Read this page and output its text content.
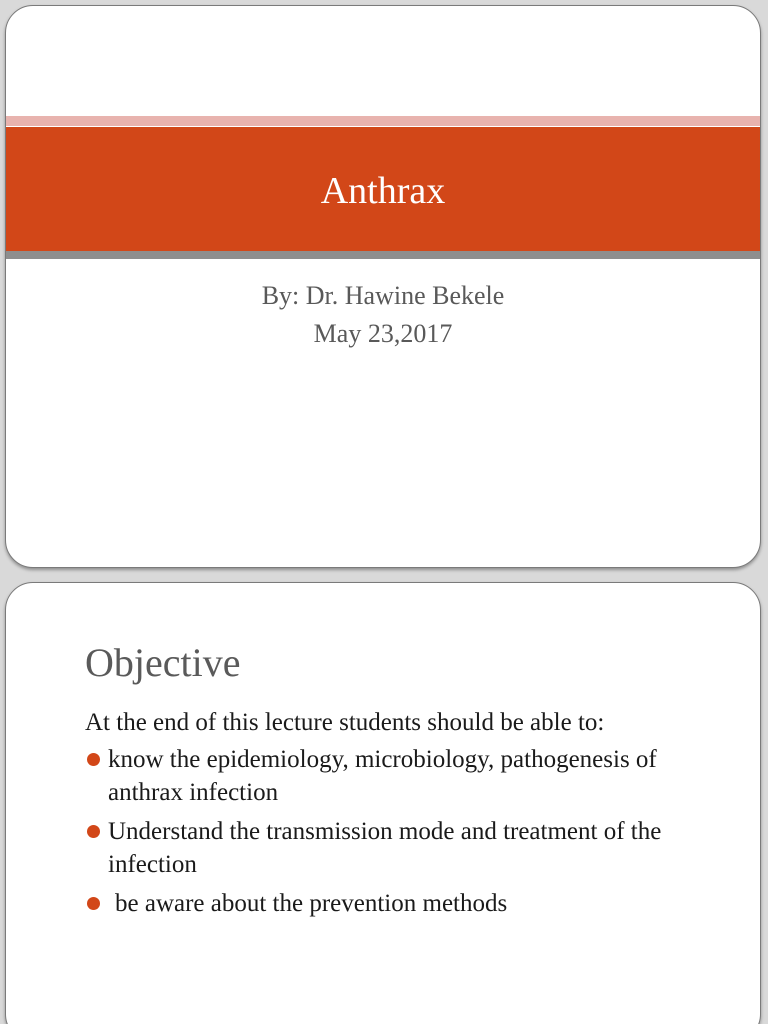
Anthrax
By: Dr. Hawine Bekele
May 23,2017
Objective
At the end of this lecture students should be able to:
know the epidemiology, microbiology, pathogenesis of anthrax infection
Understand the transmission mode and treatment of the infection
be aware about the prevention methods
